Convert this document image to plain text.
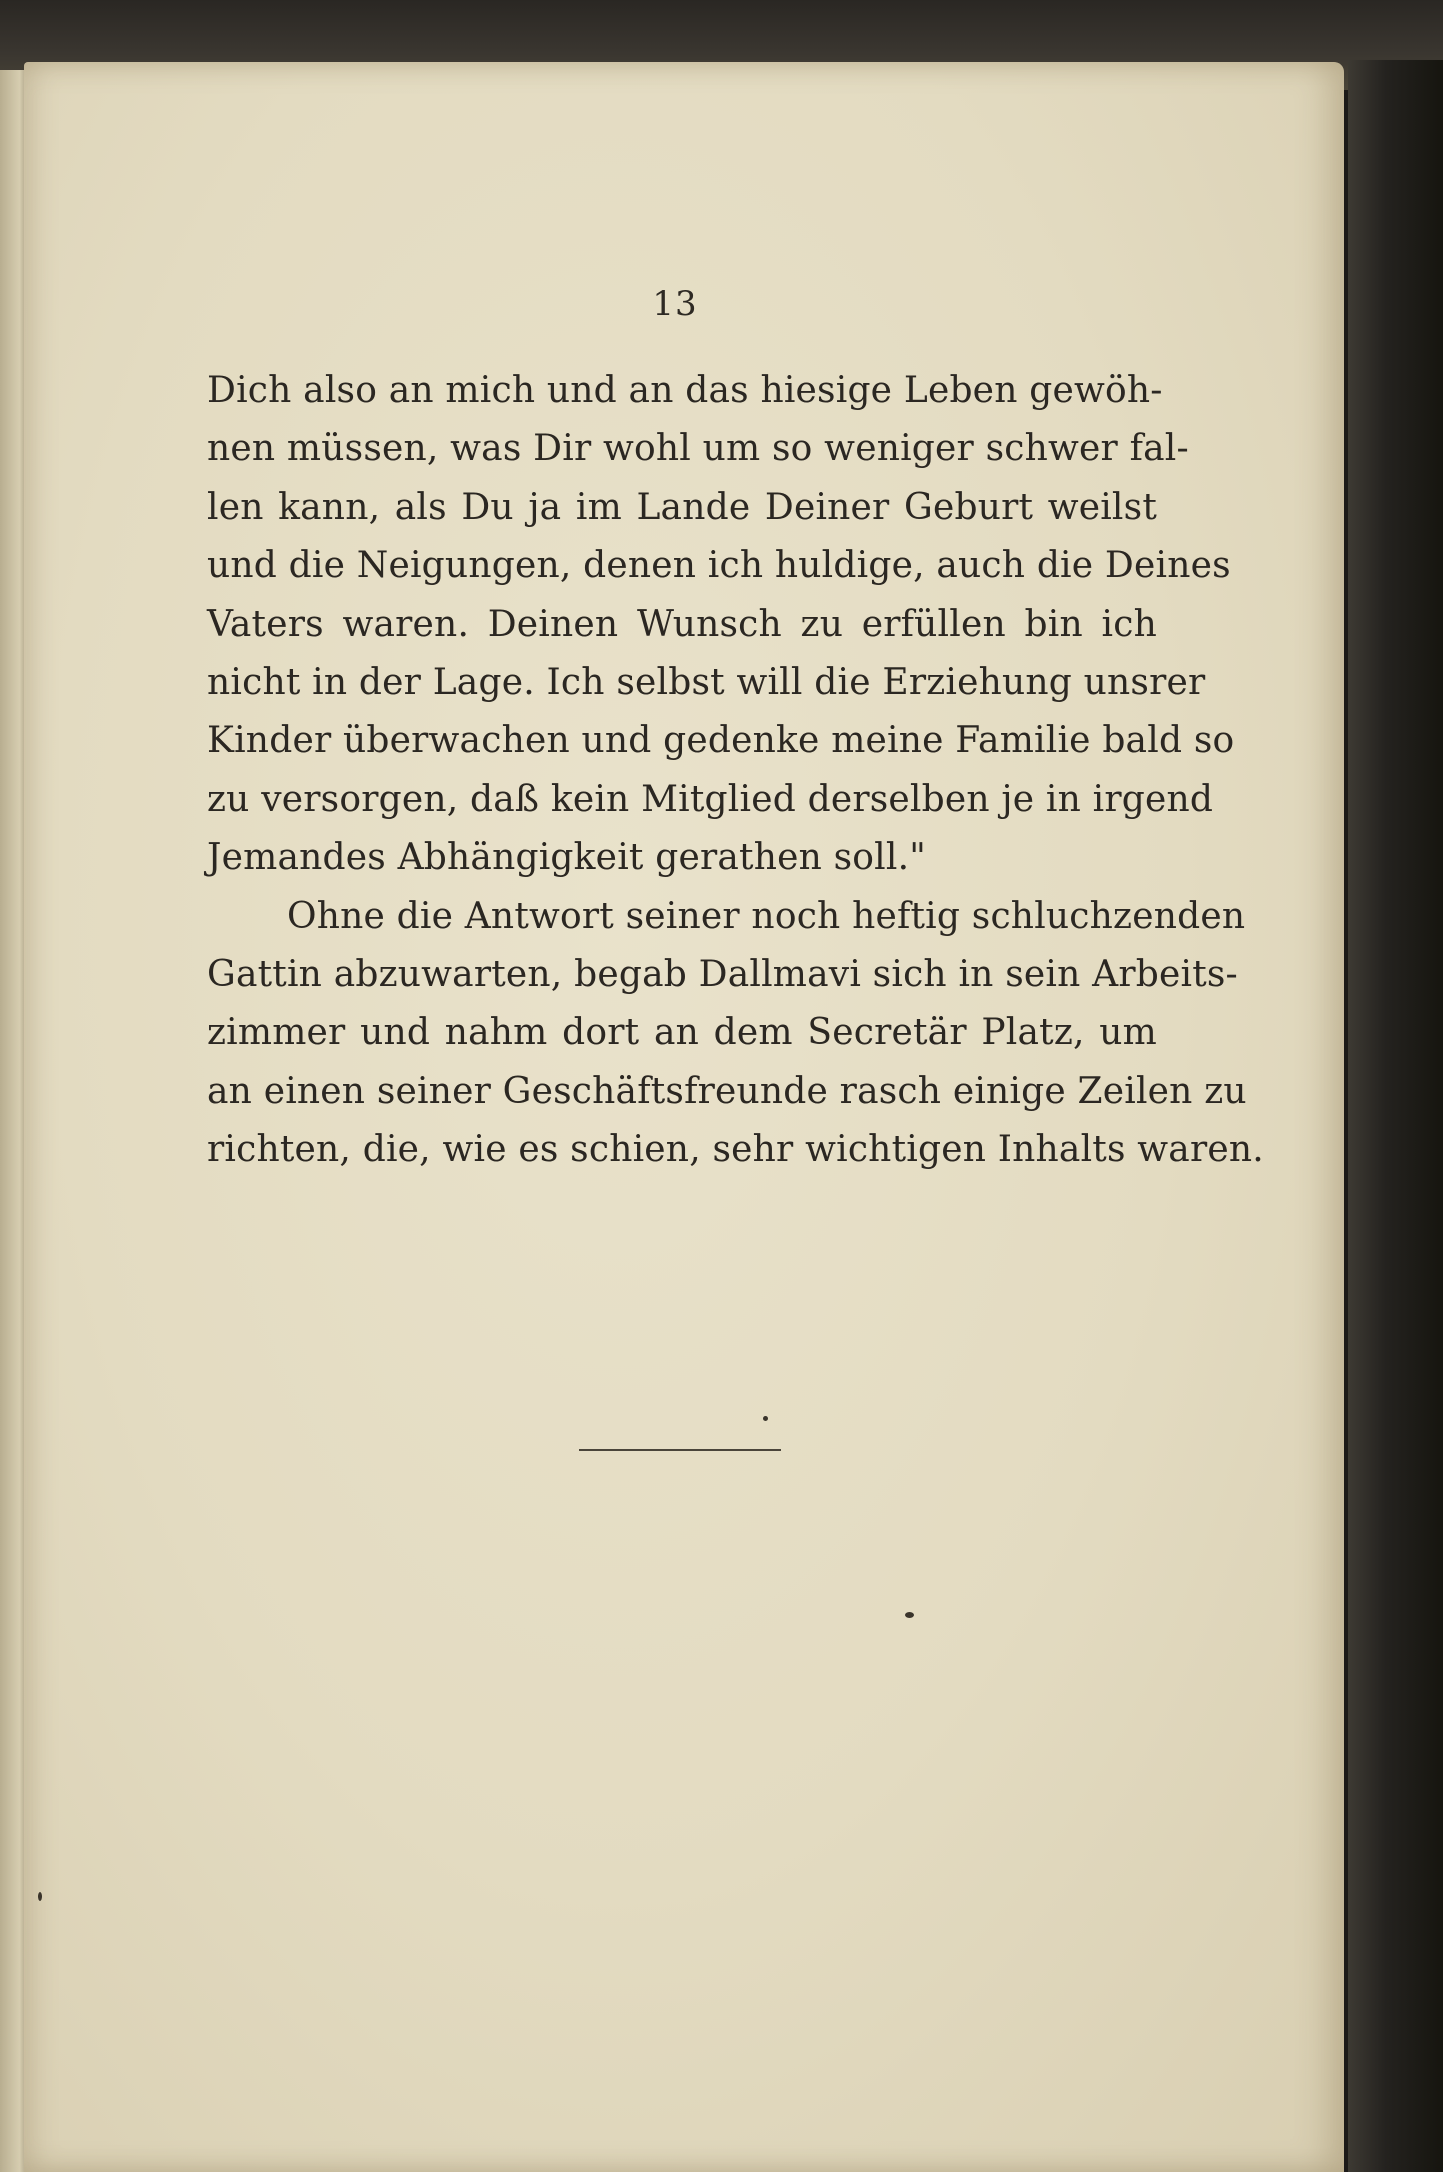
13
Dich also an mich und an das hiesige Leben gewöh-
nen müssen, was Dir wohl um so weniger schwer fal-
len kann, als Du ja im Lande Deiner Geburt weilst
und die Neigungen, denen ich huldige, auch die Deines
Vaters waren. Deinen Wunsch zu erfüllen bin ich
nicht in der Lage. Ich selbst will die Erziehung unsrer
Kinder überwachen und gedenke meine Familie bald so
zu versorgen, daß kein Mitglied derselben je in irgend
Jemandes Abhängigkeit gerathen soll."
Ohne die Antwort seiner noch heftig schluchzenden
Gattin abzuwarten, begab Dallmavi sich in sein Arbeits-
zimmer und nahm dort an dem Secretär Platz, um
an einen seiner Geschäftsfreunde rasch einige Zeilen zu
richten, die, wie es schien, sehr wichtigen Inhalts waren.
